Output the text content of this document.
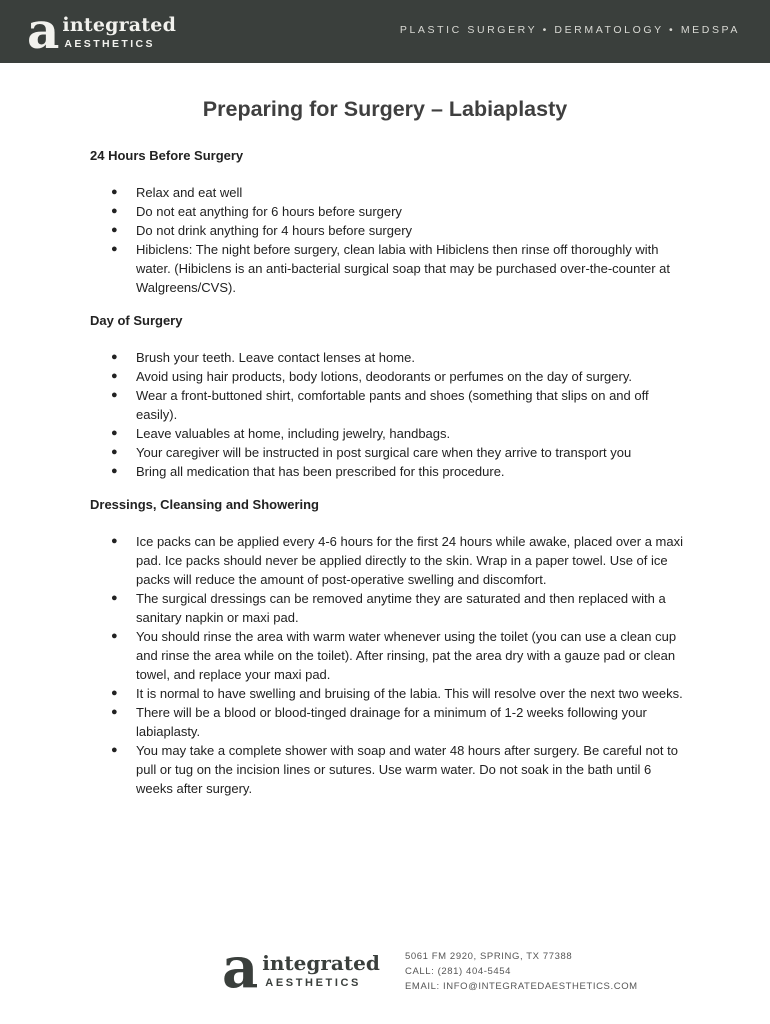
a integrated
AESTHETICS
PLASTIC SURGERY • DERMATOLOGY • MEDSPA
Preparing for Surgery – Labiaplasty
24 Hours Before Surgery
● Relax and eat well
● Do not eat anything for 6 hours before surgery
● Do not drink anything for 4 hours before surgery
● Hibiclens: The night before surgery, clean labia with Hibiclens then rinse off thoroughly with water. (Hibiclens is an anti-bacterial surgical soap that may be purchased over-the-counter at Walgreens/CVS).
Day of Surgery
● Brush your teeth. Leave contact lenses at home.
● Avoid using hair products, body lotions, deodorants or perfumes on the day of surgery.
● Wear a front-buttoned shirt, comfortable pants and shoes (something that slips on and off easily).
● Leave valuables at home, including jewelry, handbags.
● Your caregiver will be instructed in post surgical care when they arrive to transport you
● Bring all medication that has been prescribed for this procedure.
Dressings, Cleansing and Showering
● Ice packs can be applied every 4-6 hours for the first 24 hours while awake, placed over a maxi pad. Ice packs should never be applied directly to the skin. Wrap in a paper towel. Use of ice packs will reduce the amount of post-operative swelling and discomfort.
● The surgical dressings can be removed anytime they are saturated and then replaced with a sanitary napkin or maxi pad.
● You should rinse the area with warm water whenever using the toilet (you can use a clean cup and rinse the area while on the toilet). After rinsing, pat the area dry with a gauze pad or clean towel, and replace your maxi pad.
● It is normal to have swelling and bruising of the labia. This will resolve over the next two weeks.
● There will be a blood or blood-tinged drainage for a minimum of 1-2 weeks following your labiaplasty.
● You may take a complete shower with soap and water 48 hours after surgery. Be careful not to pull or tug on the incision lines or sutures. Use warm water. Do not soak in the bath until 6 weeks after surgery.
a integrated
AESTHETICS
5061 FM 2920, SPRING, TX 77388
CALL: (281) 404-5454
EMAIL: INFO@INTEGRATEDAESTHETICS.COM
